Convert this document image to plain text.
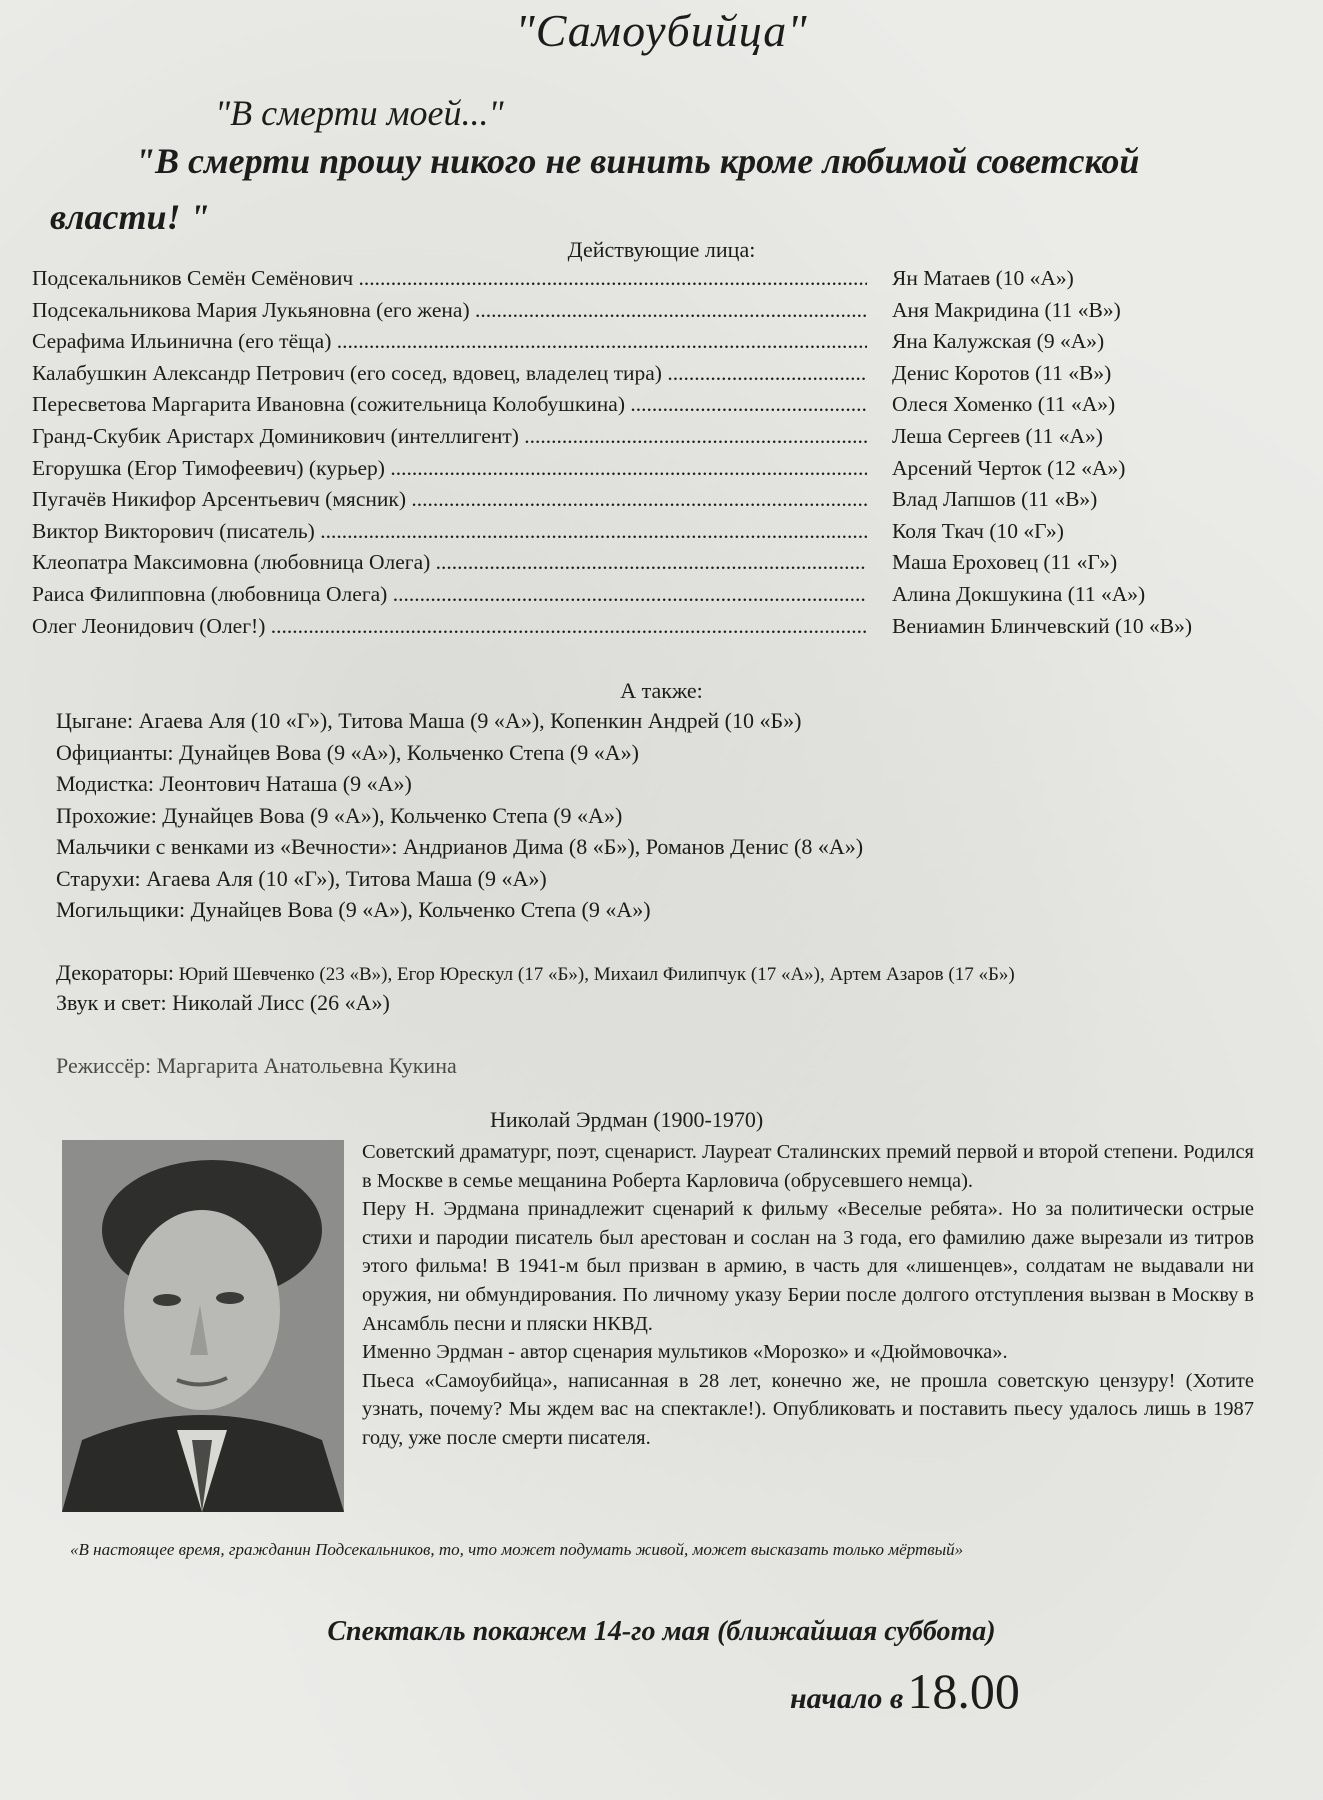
"Самоубийца"
"В смерти моей..."
"В смерти прошу никого не винить кроме любимой советской
власти! "
Действующие лица:
Подсекальников Семён Семёнович .....	Ян Матаев (10 «А»)
Подсекальникова Мария Лукьяновна (его жена) .....	Аня Макридина (11 «В»)
Серафима Ильинична (его тёща) .....	Яна Калужская (9 «А»)
Калабушкин Александр Петрович (его сосед, вдовец, владелец тира) .....	Денис Коротов (11 «В»)
Пересветова Маргарита Ивановна (сожительница Колобушкина) .....	Олеся Хоменко (11 «А»)
Гранд-Скубик Аристарх Доминикович (интеллигент) .....	Леша Сергеев (11 «А»)
Егорушка (Егор Тимофеевич) (курьер) .....	Арсений Черток (12 «А»)
Пугачёв Никифор Арсентьевич (мясник) .....	Влад Лапшов (11 «В»)
Виктор Викторович (писатель) .....	Коля Ткач (10 «Г»)
Клеопатра Максимовна (любовница Олега) .....	Маша Ероховец (11 «Г»)
Раиса Филипповна (любовница Олега) .....	Алина Докшукина (11 «А»)
Олег Леонидович (Олег!) .....	Вениамин Блинчевский (10 «В»)
А также:
Цыгане: Агаева Аля (10 «Г»), Титова Маша (9 «А»), Копенкин Андрей (10 «Б»)
Официанты: Дунайцев Вова (9 «А»), Кольченко Степа (9 «А»)
Модистка: Леонтович Наташа (9 «А»)
Прохожие: Дунайцев Вова (9 «А»), Кольченко Степа (9 «А»)
Мальчики с венками из «Вечности»: Андрианов Дима (8 «Б»), Романов Денис (8 «А»)
Старухи: Агаева Аля (10 «Г»), Титова Маша (9 «А»)
Могильщики: Дунайцев Вова (9 «А»), Кольченко Степа (9 «А»)
Декораторы: Юрий Шевченко (23 «В»), Егор Юрескул (17 «Б»), Михаил Филипчук (17 «А»), Артем Азаров (17 «Б»)
Звук и свет: Николай Лисс (26 «А»)
Режиссёр: Маргарита Анатольевна Кукина
Николай Эрдман (1900-1970)

Советский драматург, поэт, сценарист. Лауреат Сталинских премий первой и второй степени. Родился в Москве в семье мещанина Роберта Карловича (обрусевшего немца).

Перу Н. Эрдмана принадлежит сценарий к фильму «Веселые ребята». Но за политически острые стихи и пародии писатель был арестован и сослан на 3 года, его фамилию даже вырезали из титров этого фильма! В 1941-м был призван в армию, в часть для «лишенцев», солдатам не выдавали ни оружия, ни обмундирования. По личному указу Берии после долгого отступления вызван в Москву в Ансамбль песни и пляски НКВД.

Именно Эрдман - автор сценария мультиков «Морозко» и «Дюймовочка».

Пьеса «Самоубийца», написанная в 28 лет, конечно же, не прошла советскую цензуру! (Хотите узнать, почему? Мы ждем вас на спектакле!). Опубликовать и поставить пьесу удалось лишь в 1987 году, уже после смерти писателя.

«В настоящее время, гражданин Подсекальников, то, что может подумать живой, может высказать только мёртвый»
Спектакль покажем 14-го мая (ближайшая суббота)
начало в 18.00
